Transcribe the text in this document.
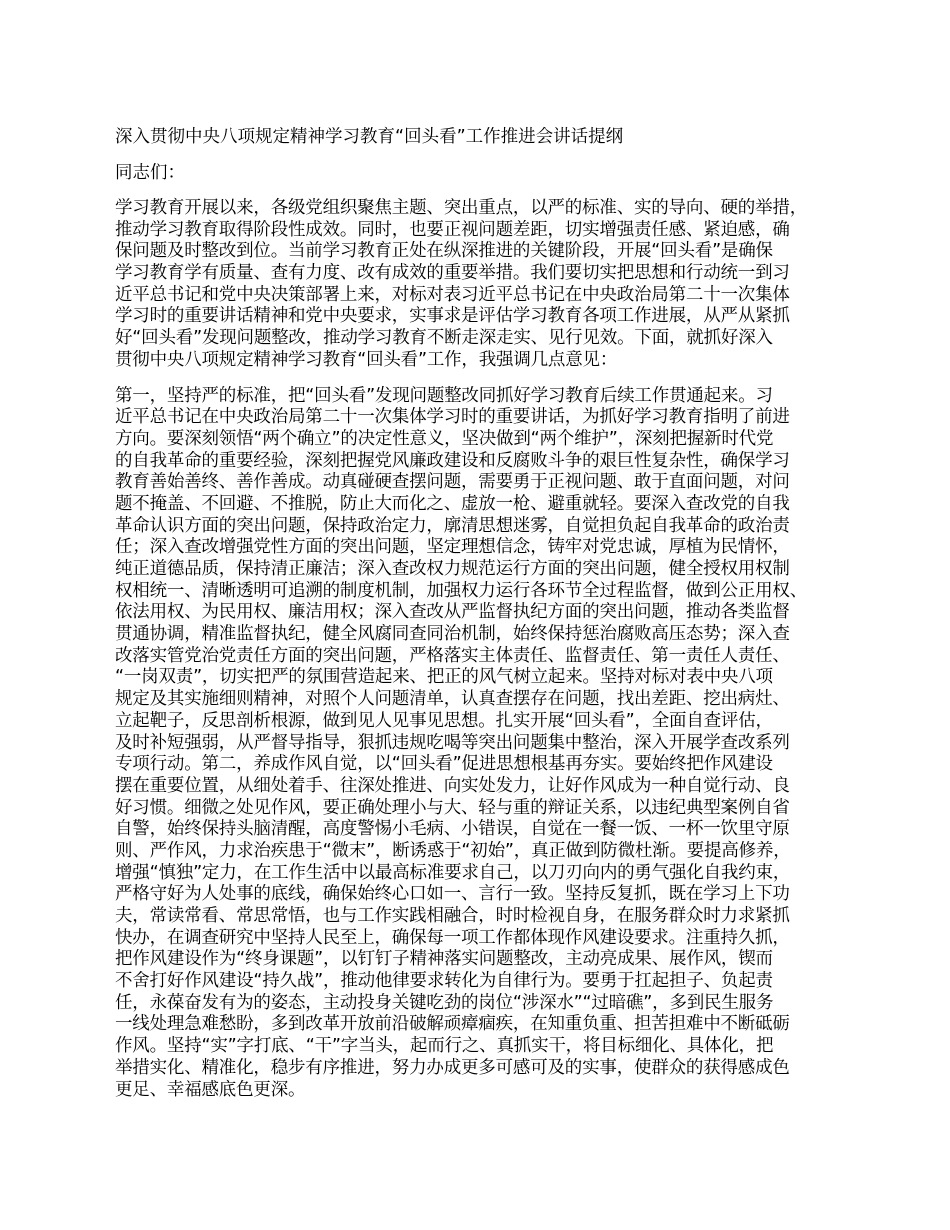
深入贯彻中央八项规定精神学习教育“回头看”工作推进会讲话提纲
同志们：
学习教育开展以来，各级党组织聚焦主题、突出重点，以严的标准、实的导向、硬的举措，
推动学习教育取得阶段性成效。同时，也要正视问题差距，切实增强责任感、紧迫感，确
保问题及时整改到位。当前学习教育正处在纵深推进的关键阶段，开展“回头看”是确保
学习教育学有质量、查有力度、改有成效的重要举措。我们要切实把思想和行动统一到习
近平总书记和党中央决策部署上来，对标对表习近平总书记在中央政治局第二十一次集体
学习时的重要讲话精神和党中央要求，实事求是评估学习教育各项工作进展，从严从紧抓
好“回头看”发现问题整改，推动学习教育不断走深走实、见行见效。下面，就抓好深入
贯彻中央八项规定精神学习教育“回头看”工作，我强调几点意见：
第一，坚持严的标准，把“回头看”发现问题整改同抓好学习教育后续工作贯通起来。习
近平总书记在中央政治局第二十一次集体学习时的重要讲话，为抓好学习教育指明了前进
方向。要深刻领悟“两个确立”的决定性意义，坚决做到“两个维护”，深刻把握新时代党
的自我革命的重要经验，深刻把握党风廉政建设和反腐败斗争的艰巨性复杂性，确保学习
教育善始善终、善作善成。动真碰硬查摆问题，需要勇于正视问题、敢于直面问题，对问
题不掩盖、不回避、不推脱，防止大而化之、虚放一枪、避重就轻。要深入查改党的自我
革命认识方面的突出问题，保持政治定力，廓清思想迷雾，自觉担负起自我革命的政治责
任；深入查改增强党性方面的突出问题，坚定理想信念，铸牢对党忠诚，厚植为民情怀，
纯正道德品质，保持清正廉洁；深入查改权力规范运行方面的突出问题，健全授权用权制
权相统一、清晰透明可追溯的制度机制，加强权力运行各环节全过程监督，做到公正用权、
依法用权、为民用权、廉洁用权；深入查改从严监督执纪方面的突出问题，推动各类监督
贯通协调，精准监督执纪，健全风腐同查同治机制，始终保持惩治腐败高压态势；深入查
改落实管党治党责任方面的突出问题，严格落实主体责任、监督责任、第一责任人责任、
“一岗双责”，切实把严的氛围营造起来、把正的风气树立起来。坚持对标对表中央八项
规定及其实施细则精神，对照个人问题清单，认真查摆存在问题，找出差距、挖出病灶、
立起靶子，反思剖析根源，做到见人见事见思想。扎实开展“回头看”，全面自查评估，
及时补短强弱，从严督导指导，狠抓违规吃喝等突出问题集中整治，深入开展学查改系列
专项行动。第二，养成作风自觉，以“回头看”促进思想根基再夯实。要始终把作风建设
摆在重要位置，从细处着手、往深处推进、向实处发力，让好作风成为一种自觉行动、良
好习惯。细微之处见作风，要正确处理小与大、轻与重的辩证关系，以违纪典型案例自省
自警，始终保持头脑清醒，高度警惕小毛病、小错误，自觉在一餐一饭、一杯一饮里守原
则、严作风，力求治疾患于“微末”，断诱惑于“初始”，真正做到防微杜渐。要提高修养，
增强“慎独”定力，在工作生活中以最高标准要求自己，以刀刃向内的勇气强化自我约束，
严格守好为人处事的底线，确保始终心口如一、言行一致。坚持反复抓，既在学习上下功
夫，常读常看、常思常悟，也与工作实践相融合，时时检视自身，在服务群众时力求紧抓
快办，在调查研究中坚持人民至上，确保每一项工作都体现作风建设要求。注重持久抓，
把作风建设作为“终身课题”，以钉钉子精神落实问题整改，主动亮成果、展作风，锲而
不舍打好作风建设“持久战”，推动他律要求转化为自律行为。要勇于扛起担子、负起责
任，永葆奋发有为的姿态，主动投身关键吃劲的岗位“涉深水”“过暗礁”，多到民生服务
一线处理急难愁盼，多到改革开放前沿破解顽瘴痼疾，在知重负重、担苦担难中不断砥砺
作风。坚持“实”字打底、“干”字当头，起而行之、真抓实干，将目标细化、具体化，把
举措实化、精准化，稳步有序推进，努力办成更多可感可及的实事，使群众的获得感成色
更足、幸福感底色更深。
